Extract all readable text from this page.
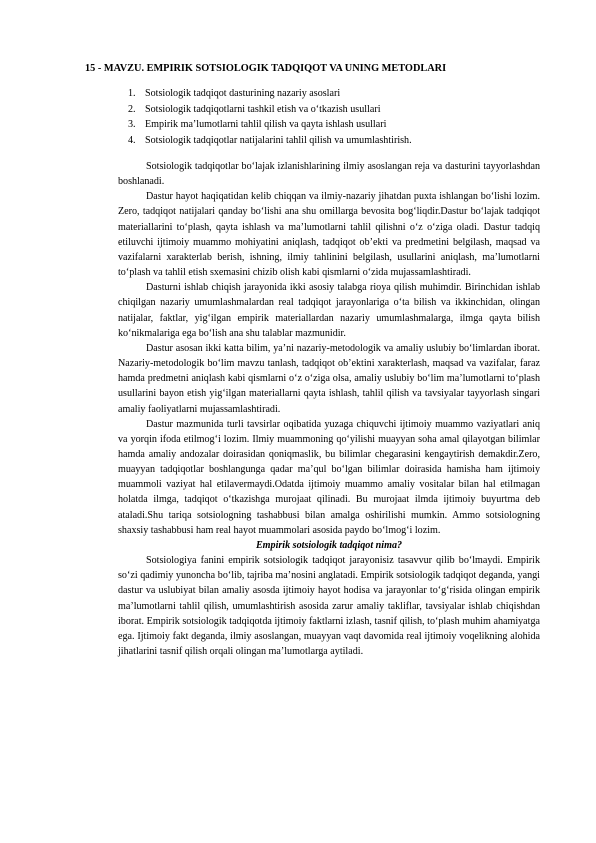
15 - MAVZU. EMPIRIK SOTSIOLOGIK TADQIQOT VA UNING METODLARI
1. Sotsiologik tadqiqot dasturining nazariy asoslari
2. Sotsiologik tadqiqotlarni tashkil etish va oʻtkazish usullari
3. Empirik maʼlumotlarni tahlil qilish va qayta ishlash usullari
4. Sotsiologik tadqiqotlar natijalarini tahlil qilish va umumlashtirish.

Sotsiologik tadqiqotlar boʻlajak izlanishlarining ilmiy asoslangan reja va dasturini tayyorlashdan boshlanadi.

Dastur hayot haqiqatidan kelib chiqqan va ilmiy-nazariy jihatdan puxta ishlangan boʻlishi lozim. Zero, tadqiqot natijalari qanday boʻlishi ana shu omillarga bevosita bogʻliqdir.Dastur boʻlajak tadqiqot materiallarini toʻplash, qayta ishlash va maʼlumotlarni tahlil qilishni oʻz oʻziga oladi. Dastur tadqiq etiluvchi ijtimoiy muammo mohiyatini aniqlash, tadqiqot obʼekti va predmetini belgilash, maqsad va vazifalarni xarakterlab berish, ishning, ilmiy tahlinini belgilash, usullarini aniqlash, maʼlumotlarni toʻplash va tahlil etish sxemasini chizib olish kabi qismlarni oʻzida mujassamlashtiradi.

Dasturni ishlab chiqish jarayonida ikki asosiy talabga rioya qilish muhimdir. Birinchidan ishlab chiqilgan nazariy umumlashmalardan real tadqiqot jarayonlariga oʻta bilish va ikkinchidan, olingan natijalar, faktlar, yigʻilgan empirik materiallardan nazariy umumlashmalarga, ilmga qayta bilish koʻnikmalariga ega boʻlish ana shu talablar mazmunidir.

Dastur asosan ikki katta bilim, yaʼni nazariy-metodologik va amaliy uslubiy boʻlimlardan iborat. Nazariy-metodologik boʻlim mavzu tanlash, tadqiqot obʼektini xarakterlash, maqsad va vazifalar, faraz hamda predmetni aniqlash kabi qismlarni oʻz oʻziga olsa, amaliy uslubiy boʻlim maʼlumotlarni toʻplash usullarini bayon etish yigʻilgan materiallarni qayta ishlash, tahlil qilish va tavsiyalar tayyorlash singari amaliy faoliyatlarni mujassamlashtiradi.

Dastur mazmunida turli tavsirlar oqibatida yuzaga chiquvchi ijtimoiy muammo vaziyatlari aniq va yorqin ifoda etilmogʻi lozim. Ilmiy muammoning qoʻyilishi muayyan soha amal qilayotgan bilimlar hamda amaliy andozalar doirasidan qoniqmaslik, bu bilimlar chegarasini kengaytirish demakdir.Zero, muayyan tadqiqotlar boshlangunga qadar maʼqul boʻlgan bilimlar doirasida hamisha ham ijtimoiy muammoli vaziyat hal etilavermaydi.Odatda ijtimoiy muammo amaliy vositalar bilan hal etilmagan holatda ilmga, tadqiqot oʻtkazishga murojaat qilinadi. Bu murojaat ilmda ijtimoiy buyurtma deb ataladi.Shu tariqa sotsiologning tashabbusi bilan amalga oshirilishi mumkin. Ammo sotsiologning shaxsiy tashabbusi ham real hayot muammolari asosida paydo boʻlmogʻi lozim.

Empirik sotsiologik tadqiqot nima?

Sotsiologiya fanini empirik sotsiologik tadqiqot jarayonisiz tasavvur qilib boʻlmaydi. Empirik soʻzi qadimiy yunoncha boʻlib, tajriba maʼnosini anglatadi. Empirik sotsiologik tadqiqot deganda, yangi dastur va uslubiyat bilan amaliy asosda ijtimoiy hayot hodisa va jarayonlar toʻgʻrisida olingan empirik maʼlumotlarni tahlil qilish, umumlashtirish asosida zarur amaliy takliflar, tavsiyalar ishlab chiqishdan iborat. Empirik sotsiologik tadqiqotda ijtimoiy faktlarni izlash, tasnif qilish, toʻplash muhim ahamiyatga ega. Ijtimoiy fakt deganda, ilmiy asoslangan, muayyan vaqt davomida real ijtimoiy voqelikning alohida jihatlarini tasnif qilish orqali olingan maʼlumotlarga aytiladi.
